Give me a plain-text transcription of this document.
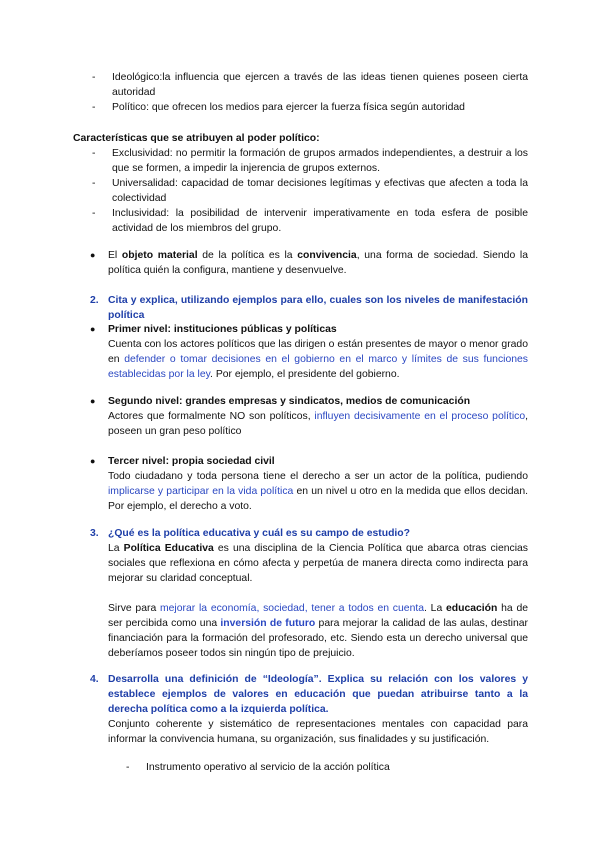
- Ideológico:la influencia que ejercen a través de las ideas tienen quienes poseen cierta autoridad
- Político: que ofrecen los medios para ejercer la fuerza física según autoridad

Características que se atribuyen al poder político:

- Exclusividad: no permitir la formación de grupos armados independientes, a destruir a los que se formen, a impedir la injerencia de grupos externos.
- Universalidad: capacidad de tomar decisiones legítimas y efectivas que afecten a toda la colectividad
- Inclusividad: la posibilidad de intervenir imperativamente en toda esfera de posible actividad de los miembros del grupo.
●	El objeto material de la política es la convivencia, una forma de sociedad. Siendo la política quién la configura, mantiene y desenvuelve.

2. Cita y explica, utilizando ejemplos para ello, cuales son los niveles de manifestación política

● Primer nivel: instituciones públicas y políticas

Cuenta con los actores políticos que las dirigen o están presentes de mayor o menor grado en defender o tomar decisiones en el gobierno en el marco y límites de sus funciones establecidas por la ley. Por ejemplo, el presidente del gobierno.

● Segundo nivel: grandes empresas y sindicatos, medios de comunicación

Actores que formalmente NO son políticos, influyen decisivamente en el proceso político, poseen un gran peso político

● Tercer nivel: propia sociedad civil

Todo ciudadano y toda persona tiene el derecho a ser un actor de la política, pudiendo implicarse y participar en la vida política en un nivel u otro en la medida que ellos decidan. Por ejemplo, el derecho a voto.

3. ¿Qué es la política educativa y cuál es su campo de estudio?

La Política Educativa es una disciplina de la Ciencia Política que abarca otras ciencias sociales que reflexiona en cómo afecta y perpetúa de manera directa como indirecta para mejorar su claridad conceptual.

Sirve para mejorar la economía, sociedad, tener a todos en cuenta. La educación ha de ser percibida como una inversión de futuro para mejorar la calidad de las aulas, destinar financiación para la formación del profesorado, etc. Siendo esta un derecho universal que deberíamos poseer todos sin ningún tipo de prejuicio.

4. Desarrolla una definición de “Ideología”. Explica su relación con los valores y establece ejemplos de valores en educación que puedan atribuirse tanto a la derecha política como a la izquierda política.

Conjunto coherente y sistemático de representaciones mentales con capacidad para informar la convivencia humana, su organización, sus finalidades y su justificación.

- Instrumento operativo al servicio de la acción política
